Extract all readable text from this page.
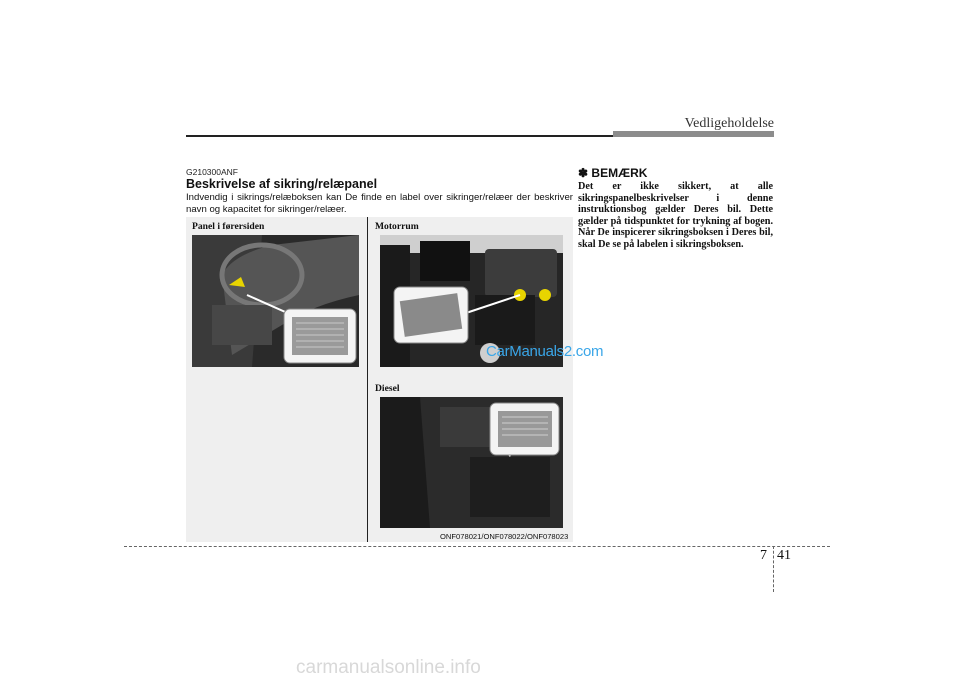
Vedligeholdelse
G210300ANF
Beskrivelse af sikring/relæpanel
Indvendig i sikrings/relæboksen kan De finde en label over sikringer/relæer der beskriver navn og kapacitet for sikringer/relæer.
Panel i førersiden	Motorrum
Diesel
ONF078021/ONF078022/ONF078023
✽ BEMÆRK
Det er ikke sikkert, at alle sikringspanelbeskrivelser i denne instruktionsbog gælder Deres bil. Dette gælder på tidspunktet for trykning af bogen. Når De inspicerer sikringsboksen i Deres bil, skal De se på labelen i sikringsboksen.
CarManuals2.com
7 41
carmanualsonline.info
